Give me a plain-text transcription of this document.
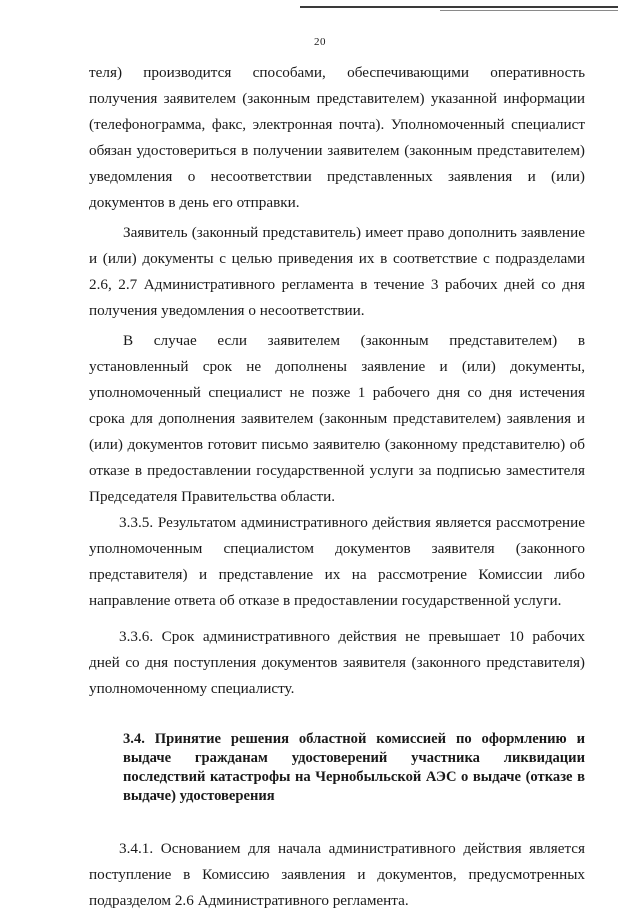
20

теля) производится способами, обеспечивающими оперативность получения заявителем (законным представителем) указанной информации (телефонограмма, факс, электронная почта). Уполномоченный специалист обязан удостовериться в получении заявителем (законным представителем) уведомления о несоответствии представленных заявления и (или) документов в день его отправки.

Заявитель (законный представитель) имеет право дополнить заявление и (или) документы с целью приведения их в соответствие с подразделами 2.6, 2.7 Административного регламента в течение 3 рабочих дней со дня получения уведомления о несоответствии.

В случае если заявителем (законным представителем) в установленный срок не дополнены заявление и (или) документы, уполномоченный специалист не позже 1 рабочего дня со дня истечения срока для дополнения заявителем (законным представителем) заявления и (или) документов готовит письмо заявителю (законному представителю) об отказе в предоставлении государственной услуги за подписью заместителя Председателя Правительства области.

3.3.5. Результатом административного действия является рассмотрение уполномоченным специалистом документов заявителя (законного представителя) и представление их на рассмотрение Комиссии либо направление ответа об отказе в предоставлении государственной услуги.

3.3.6. Срок административного действия не превышает 10 рабочих дней со дня поступления документов заявителя (законного представителя) уполномоченному специалисту.

3.4. Принятие решения областной комиссией по оформлению и выдаче гражданам удостоверений участника ликвидации последствий катастрофы на Чернобыльской АЭС о выдаче (отказе в выдаче) удостоверения

3.4.1. Основанием для начала административного действия является поступление в Комиссию заявления и документов, предусмотренных подразделом 2.6 Административного регламента.
